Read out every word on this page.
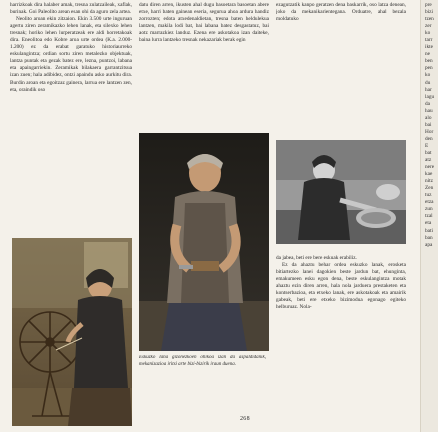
harrizkoak dira halaber amak, tresna zulatzaileak, xaflak, burinak. Goi Paleolito arean esan ohi da aguro zela artea.

Neolito aroan ekin zitzaion. Ekin 3.500 urte inguruan agertu ziren zeramikazko lehen lanak, eta silexko lehen tresnak; horiko lehen lurperatzeak ere aldi horretakoak dira. Eneolitoa edo Kobre aroa urte ordea (K.a. 2.000-1.200) ez da erabat garatuko historiaurreko eskulangintza; ordian sortu ziren metalezko objektuak, lantza puntak eta gezak batez ere, lezna, puntzoi, labana eta apaingarriekin. Zeramikak bilakaera garrantzitsua izan zuen; hala adibidez, ontzi apaindu asko aurkitu dira. Burdin aroan eta egoitzaz gainera, larrua ere lantzen zen, eta, oraindik oso

datu diren arren, ikusten ahal dugu basoetara basoetan abere etxe, harri baten gainean eseria, segurua ahoa ardura handiz zorrozten; edota atxedenaldietan, tresna baten heldulekua lantzen, makila lodi bat, bai labana batez desgastatuz, bai aotz marrazkiez landuz. Ezena ere askotakoa izan daiteke, baina lurra lantzeko tresnak nekazariak berak egin

ezagutzatik kanpo geratzen dena baskarrik, oso latza denean, joko da mekanikarientegana. Orduatre, ahal bezala moldatuko

da jabea, beti ere bere eskuak erabiliz.

Ez da ahaztu behar ordea eskuzko lanak, erosketa bitiartezko lanei dagokien beste jardun bat, ehunginta, emakumeen esku egon dena, beste eskulangintza motak ahaztu ezin diren arren, hala nola jarduera prestaketen eta kontserbazioa, eta etxeko lanak, ere askotakoak eta amairik gabeak, beti ere etxeko bizimodua egonago egiteko helburuaz. Nola-

Eskuzko lana gizonezkoen ohikoa izan da aspaldidanik, mekanizazioa iritsi arte bizi-bizirik iraun duena.
268
pre
bizi
tzen
zer
ko
tarr
ikte
ne
ben
pen
ko
du
har
lagu
da
hau
alo
bai
Hor
den
E
bat
atz
nere
kae
nitz
Zen
tuz
etza
zun
tzal
eta
bati
ban
apa
